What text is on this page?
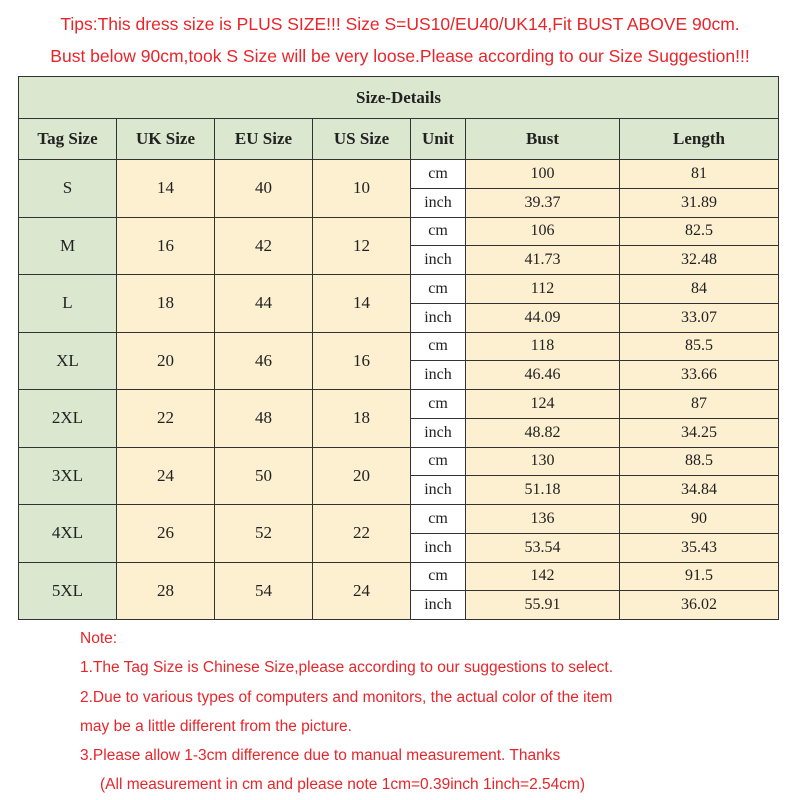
Tips:This dress size is PLUS SIZE!!! Size S=US10/EU40/UK14,Fit BUST ABOVE 90cm.
Bust below 90cm,took S Size will be very loose.Please according to our Size Suggestion!!!
Size-Details						
Tag Size	UK Size	EU Size	US Size	Unit	Bust	Length
S	14	40	10	cm	100	81
				inch	39.37	31.89
M	16	42	12	cm	106	82.5
				inch	41.73	32.48
L	18	44	14	cm	112	84
				inch	44.09	33.07
XL	20	46	16	cm	118	85.5
				inch	46.46	33.66
2XL	22	48	18	cm	124	87
				inch	48.82	34.25
3XL	24	50	20	cm	130	88.5
				inch	51.18	34.84
4XL	26	52	22	cm	136	90
				inch	53.54	35.43
5XL	28	54	24	cm	142	91.5
				inch	55.91	36.02
Note:
1.The Tag Size is Chinese Size,please according to our suggestions to select.
2.Due to various types of computers and monitors, the actual color of the item
may be a little different from the picture.
3.Please allow 1-3cm difference due to manual measurement. Thanks
(All measurement in cm and please note 1cm=0.39inch 1inch=2.54cm)
